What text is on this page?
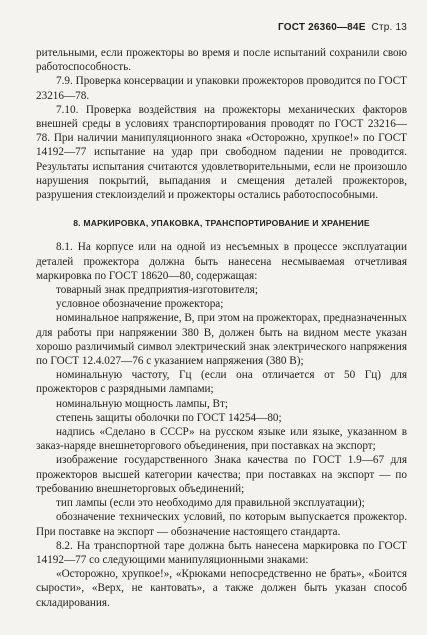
ГОСТ 26360—84Е Стр. 13

рительными, если прожекторы во время и после испытаний сохранили свою работоспособность.

7.9. Проверка консервации и упаковки прожекторов проводится по ГОСТ 23216—78.

7.10. Проверка воздействия на прожекторы механических факторов внешней среды в условиях транспортирования проводят по ГОСТ 23216—78. При наличии манипуляционного знака «Осторожно, хрупкое!» по ГОСТ 14192—77 испытание на удар при свободном падении не проводится. Результаты испытания считаются удовлетворительными, если не произошло нарушения покрытий, выпадания и смещения деталей прожекторов, разрушения стеклоизделий и прожекторы остались работоспособными.

8. МАРКИРОВКА, УПАКОВКА, ТРАНСПОРТИРОВАНИЕ И ХРАНЕНИЕ

8.1. На корпусе или на одной из несъемных в процессе эксплуатации деталей прожектора должна быть нанесена несмываемая отчетливая маркировка по ГОСТ 18620—80, содержащая:

товарный знак предприятия-изготовителя;

условное обозначение прожектора;

номинальное напряжение, В, при этом на прожекторах, предназначенных для работы при напряжении 380 В, должен быть на видном месте указан хорошо различимый символ электрический знак электрического напряжения по ГОСТ 12.4.027—76 с указанием напряжения (380 В);

номинальную частоту, Гц (если она отличается от 50 Гц) для прожекторов с разрядными лампами;

номинальную мощность лампы, Вт;

степень защиты оболочки по ГОСТ 14254—80;

надпись «Сделано в СССР» на русском языке или языке, указанном в заказ-наряде внешнеторгового объединения, при поставках на экспорт;

изображение государственного Знака качества по ГОСТ 1.9—67 для прожекторов высшей категории качества; при поставках на экспорт — по требованию внешнеторговых объединений;

тип лампы (если это необходимо для правильной эксплуатации);

обозначение технических условий, по которым выпускается прожектор. При поставке на экспорт — обозначение настоящего стандарта.

8.2. На транспортной таре должна быть нанесена маркировка по ГОСТ 14192—77 со следующими манипуляционными знаками:

«Осторожно, хрупкое!», «Крюками непосредственно не брать», «Боится сырости», «Верх, не кантовать», а также должен быть указан способ складирования.
